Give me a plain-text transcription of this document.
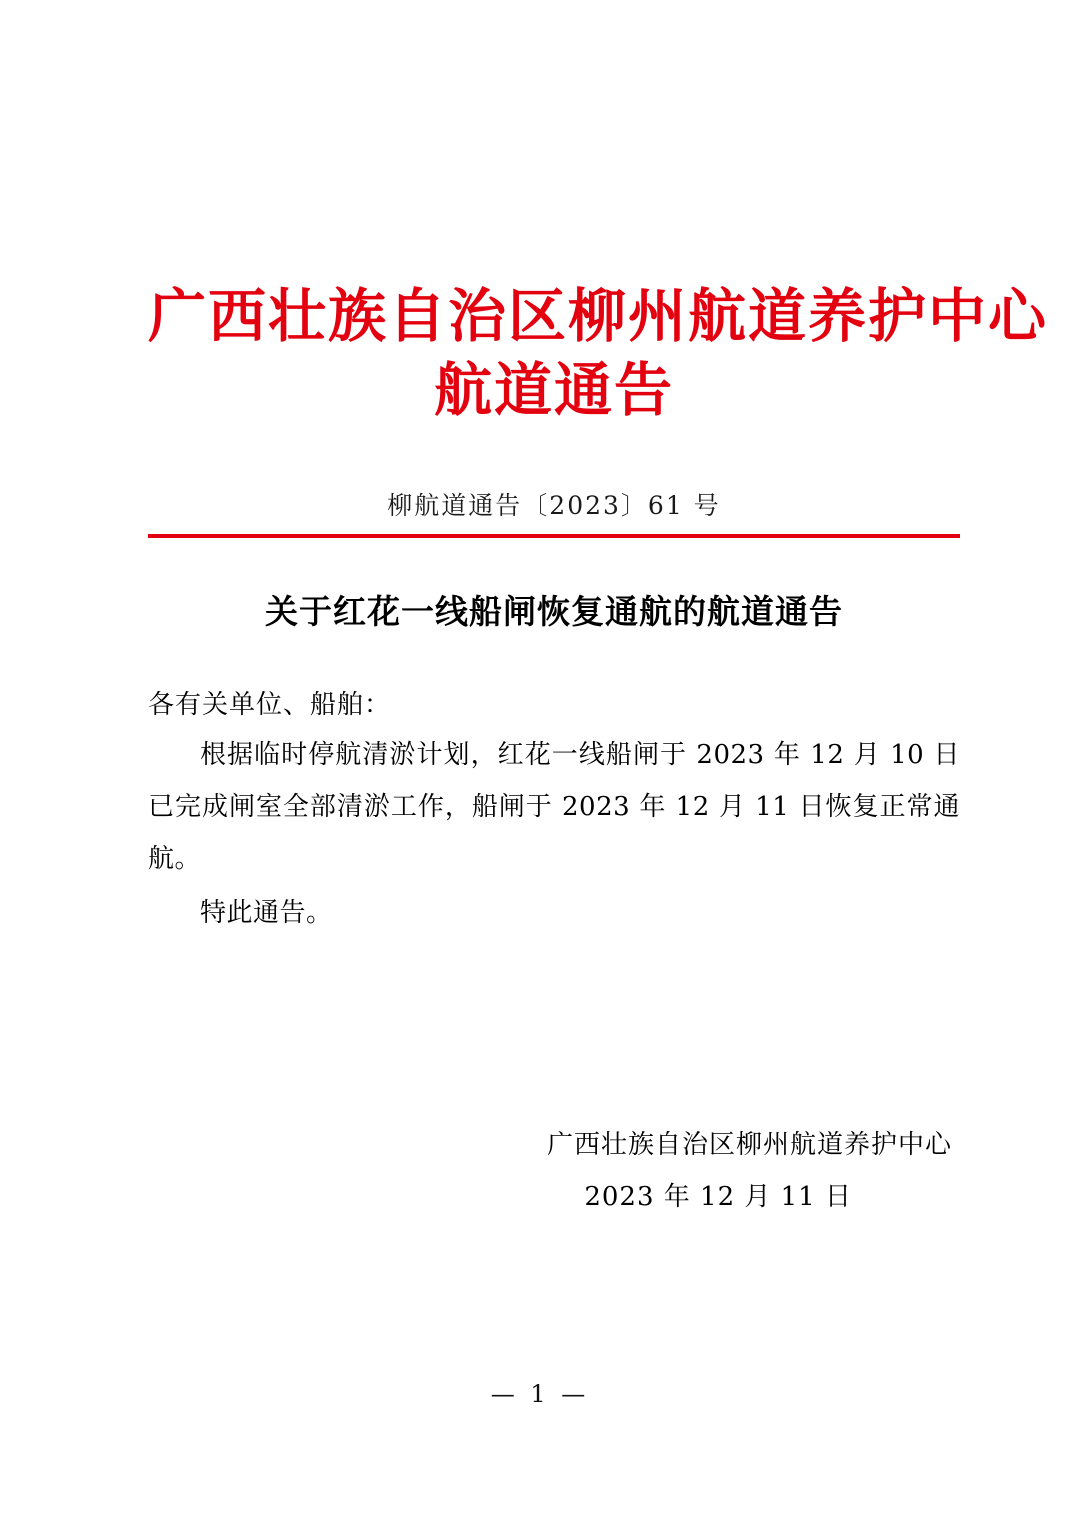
广西壮族自治区柳州航道养护中心
航道通告
柳航道通告〔2023〕61 号
关于红花一线船闸恢复通航的航道通告
各有关单位、船舶：
根据临时停航清淤计划，红花一线船闸于 2023 年 12 月 10 日已完成闸室全部清淤工作，船闸于 2023 年 12 月 11 日恢复正常通航。
特此通告。
广西壮族自治区柳州航道养护中心
2023 年 12 月 11 日
— 1 —
